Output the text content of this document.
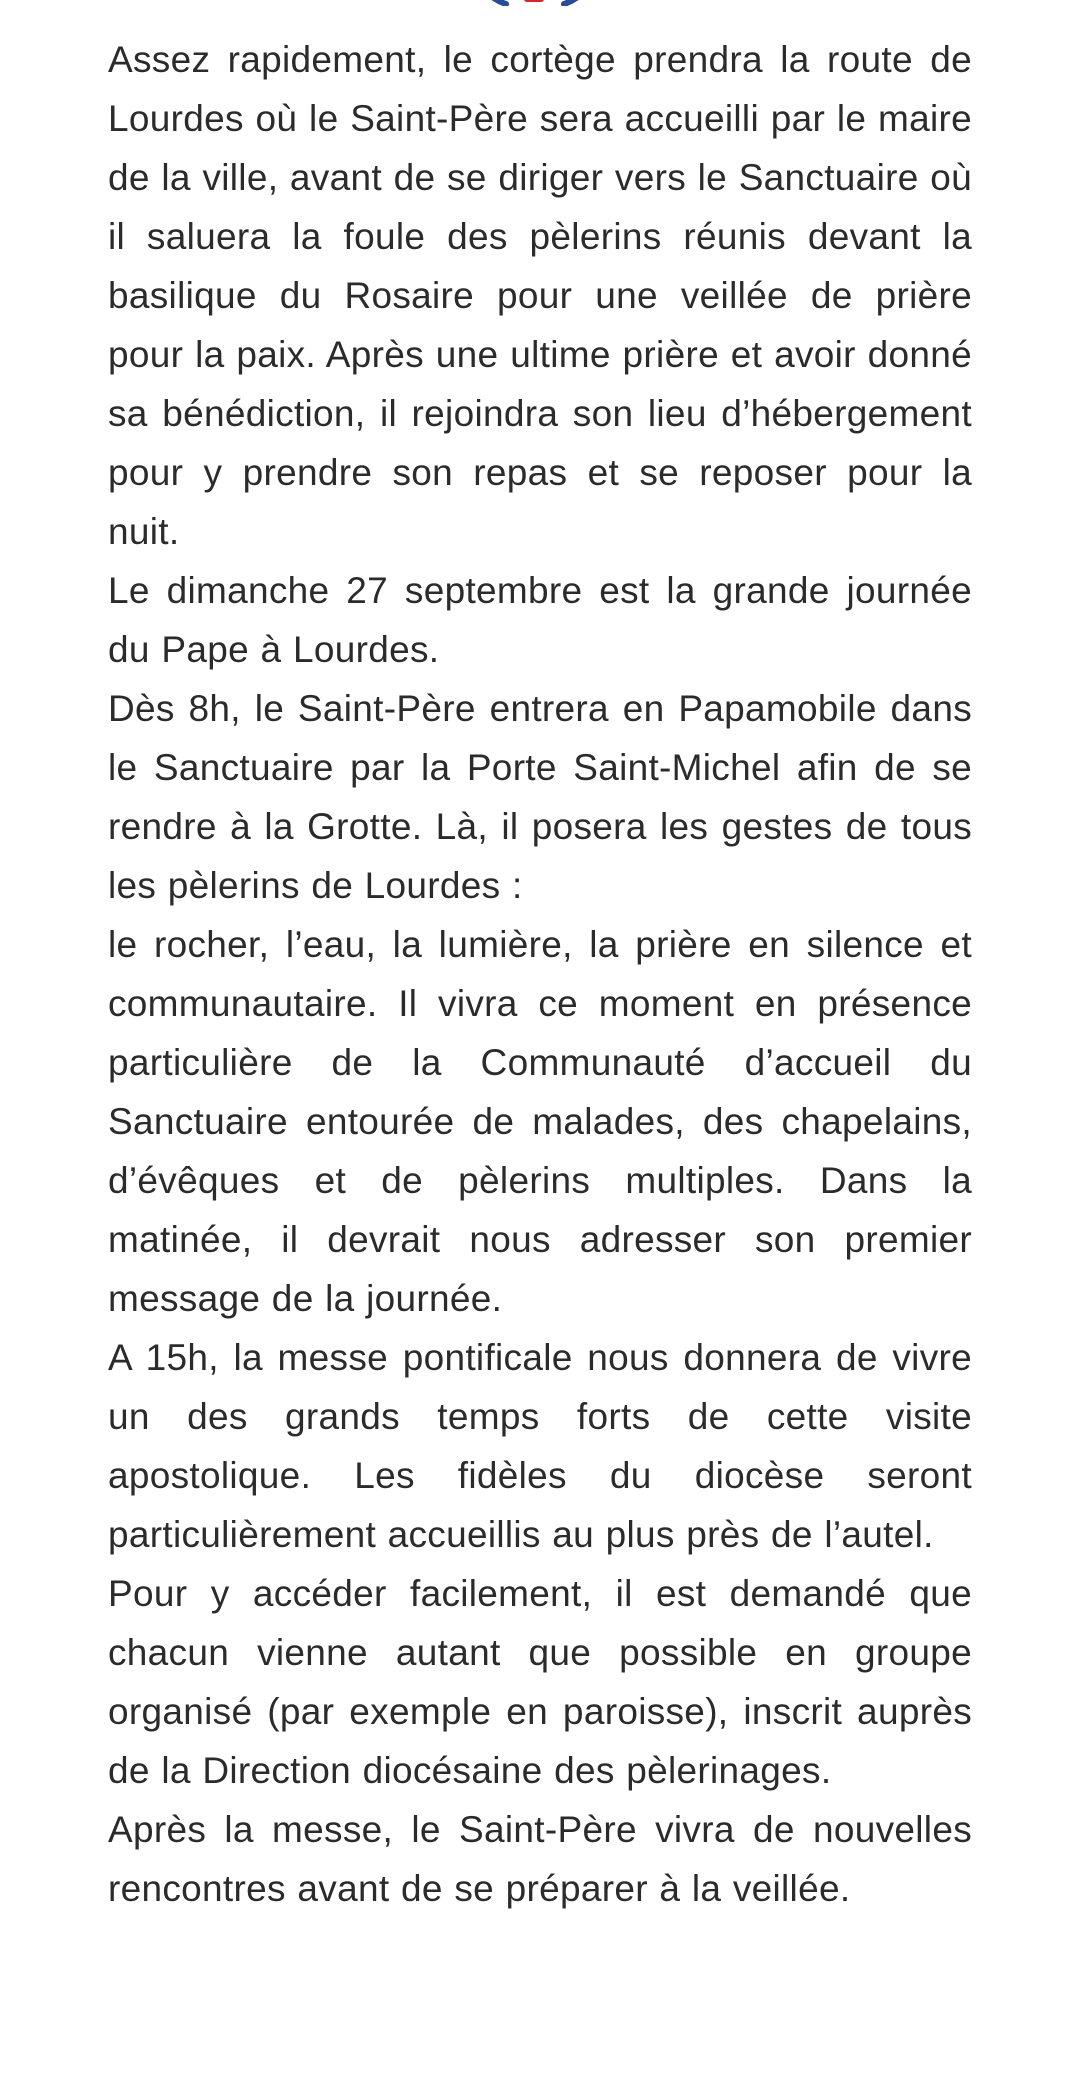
Assez rapidement, le cortège prendra la route de Lourdes où le Saint-Père sera accueilli par le maire de la ville, avant de se diriger vers le Sanctuaire où il saluera la foule des pèlerins réunis devant la basilique du Rosaire pour une veillée de prière pour la paix. Après une ultime prière et avoir donné sa bénédiction, il rejoindra son lieu d’hébergement pour y prendre son repas et se reposer pour la nuit.

Le dimanche 27 septembre est la grande journée du Pape à Lourdes.

Dès 8h, le Saint-Père entrera en Papamobile dans le Sanctuaire par la Porte Saint-Michel afin de se rendre à la Grotte. Là, il posera les gestes de tous les pèlerins de Lourdes :

le rocher, l’eau, la lumière, la prière en silence et communautaire. Il vivra ce moment en présence particulière de la Communauté d’accueil du Sanctuaire entourée de malades, des chapelains, d’évêques et de pèlerins multiples. Dans la matinée, il devrait nous adresser son premier message de la journée.

A 15h, la messe pontificale nous donnera de vivre un des grands temps forts de cette visite apostolique. Les fidèles du diocèse seront particulièrement accueillis au plus près de l’autel.

Pour y accéder facilement, il est demandé que chacun vienne autant que possible en groupe organisé (par exemple en paroisse), inscrit auprès de la Direction diocésaine des pèlerinages.

Après la messe, le Saint-Père vivra de nouvelles rencontres avant de se préparer à la veillée.
